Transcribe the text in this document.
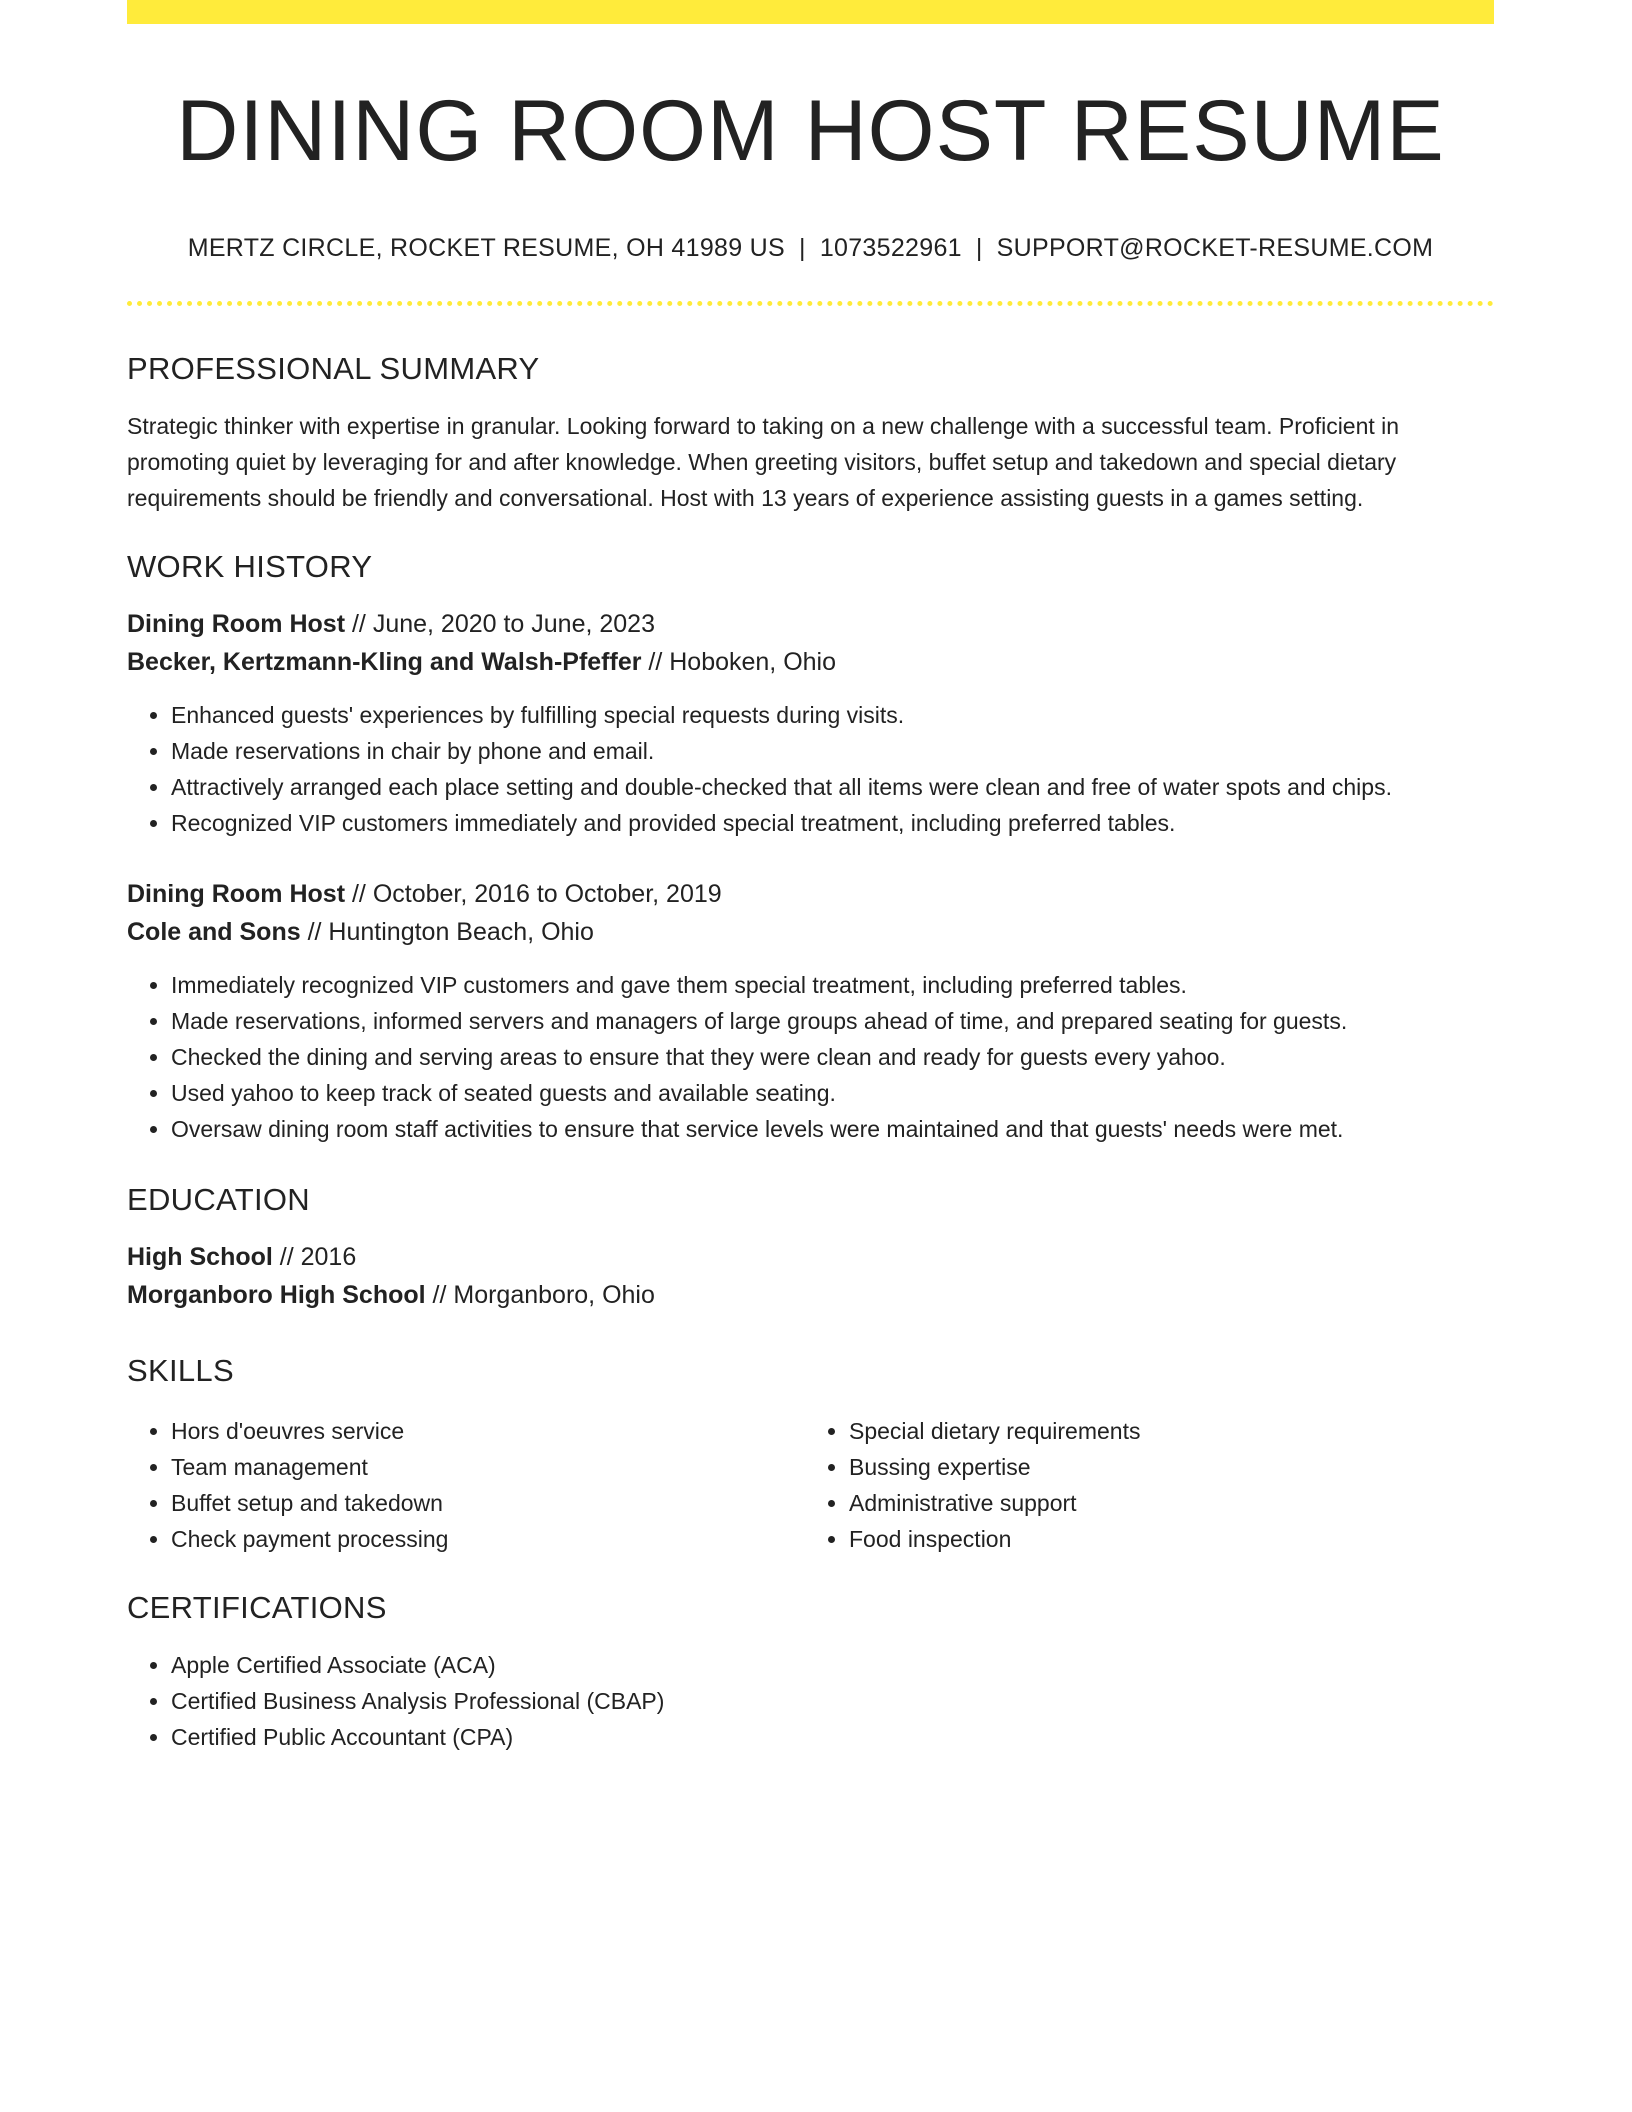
DINING ROOM HOST RESUME
MERTZ CIRCLE, ROCKET RESUME, OH 41989 US | 1073522961 | SUPPORT@ROCKET-RESUME.COM
PROFESSIONAL SUMMARY

Strategic thinker with expertise in granular. Looking forward to taking on a new challenge with a successful team. Proficient in promoting quiet by leveraging for and after knowledge. When greeting visitors, buffet setup and takedown and special dietary requirements should be friendly and conversational. Host with 13 years of experience assisting guests in a games setting.

WORK HISTORY
Dining Room Host // June, 2020 to June, 2023
Becker, Kertzmann-Kling and Walsh-Pfeffer // Hoboken, Ohio
• Enhanced guests' experiences by fulfilling special requests during visits.
• Made reservations in chair by phone and email.
• Attractively arranged each place setting and double-checked that all items were clean and free of water spots and chips.
• Recognized VIP customers immediately and provided special treatment, including preferred tables.
Dining Room Host // October, 2016 to October, 2019
Cole and Sons // Huntington Beach, Ohio
• Immediately recognized VIP customers and gave them special treatment, including preferred tables.
• Made reservations, informed servers and managers of large groups ahead of time, and prepared seating for guests.
• Checked the dining and serving areas to ensure that they were clean and ready for guests every yahoo.
• Used yahoo to keep track of seated guests and available seating.
• Oversaw dining room staff activities to ensure that service levels were maintained and that guests' needs were met.
EDUCATION
High School // 2016
Morganboro High School // Morganboro, Ohio
SKILLS
• Hors d'oeuvres service
• Team management
• Buffet setup and takedown
• Check payment processing
• Special dietary requirements
• Bussing expertise
• Administrative support
• Food inspection
CERTIFICATIONS
• Apple Certified Associate (ACA)
• Certified Business Analysis Professional (CBAP)
• Certified Public Accountant (CPA)
